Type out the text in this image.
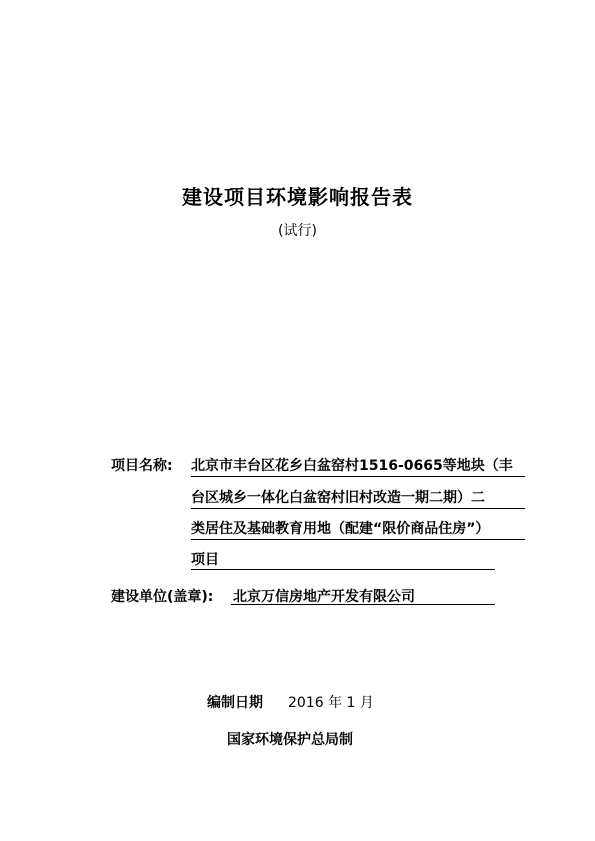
建设项目环境影响报告表
(试行)
项目名称: 北京市丰台区花乡白盆窑村1516-0665等地块（丰
台区城乡一体化白盆窑村旧村改造一期二期）二
类居住及基础教育用地（配建“限价商品住房”）
项目
建设单位(盖章): 北京万信房地产开发有限公司
编制日期 2016 年 1 月
国家环境保护总局制
